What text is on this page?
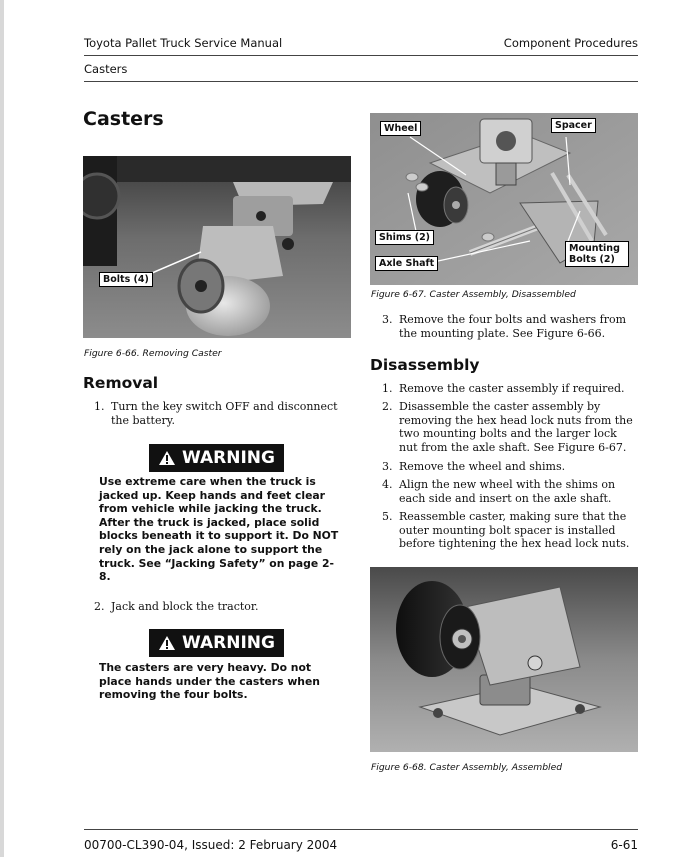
Toyota Pallet Truck Service Manual	Component Procedures
Casters
Casters
Bolts (4)
Figure 6-66. Removing Caster
Removal
1. Turn the key switch OFF and disconnect the battery.
WARNING
Use extreme care when the truck is jacked up. Keep hands and feet clear from vehicle while jacking the truck. After the truck is jacked, place solid blocks beneath it to support it. Do NOT rely on the jack alone to support the truck. See “Jacking Safety” on page 2-8.
2. Jack and block the tractor.
WARNING
The casters are very heavy. Do not place hands under the casters when removing the four bolts.
Wheel	Spacer
Shims (2)
Axle Shaft
Mounting Bolts (2)
Figure 6-67. Caster Assembly, Disassembled
3. Remove the four bolts and washers from the mounting plate. See Figure 6-66.
Disassembly
1. Remove the caster assembly if required.
2. Disassemble the caster assembly by removing the hex head lock nuts from the two mounting bolts and the larger lock nut from the axle shaft. See Figure 6-67.
3. Remove the wheel and shims.
4. Align the new wheel with the shims on each side and insert on the axle shaft.
5. Reassemble caster, making sure that the outer mounting bolt spacer is installed before tightening the hex head lock nuts.
Figure 6-68. Caster Assembly, Assembled
00700-CL390-04, Issued: 2 February 2004	6-61
